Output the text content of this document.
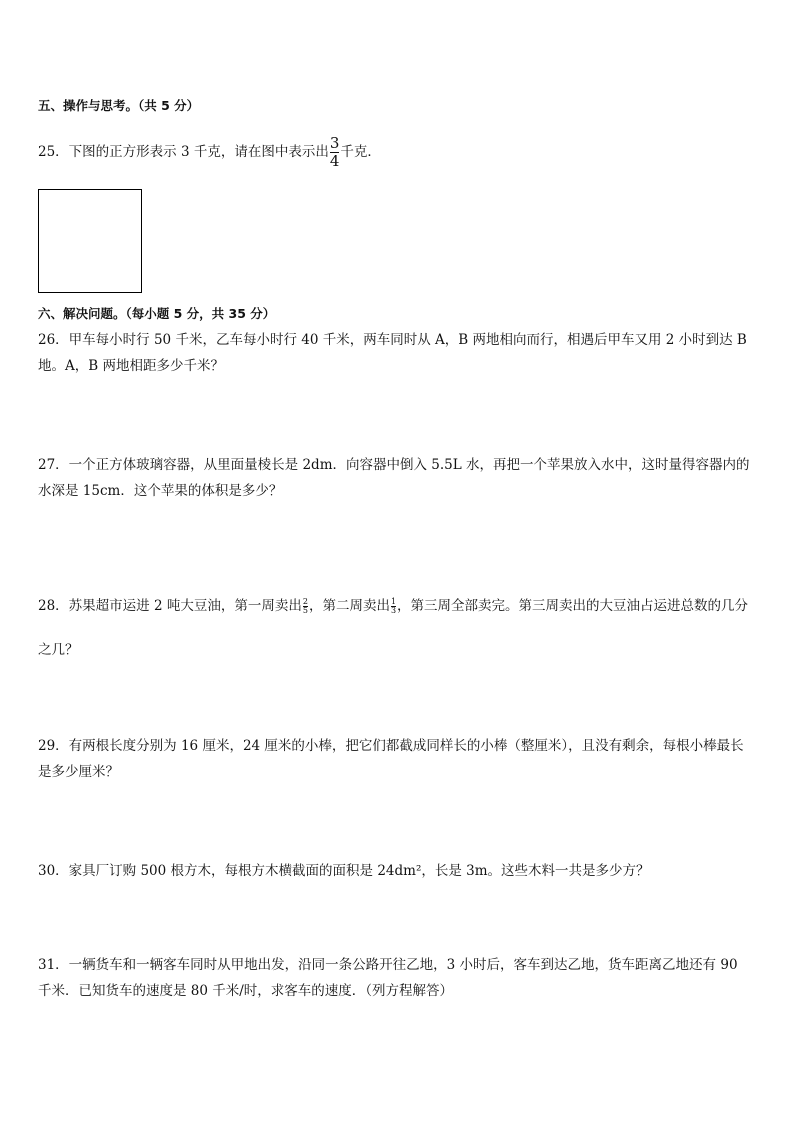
五、操作与思考。（共 5 分）
25．下图的正方形表示 3 千克，请在图中表示出 $\frac{3}{4}$ 千克．
六、解决问题。（每小题 5 分，共 35 分）
26．甲车每小时行 50 千米，乙车每小时行 40 千米，两车同时从 A，B 两地相向而行，相遇后甲车又用 2 小时到达 B
地。A，B 两地相距多少千米？
27．一个正方体玻璃容器，从里面量棱长是 2dm．向容器中倒入 5.5L 水，再把一个苹果放入水中，这时量得容器内的
水深是 15cm．这个苹果的体积是多少？
28．苏果超市运进 2 吨大豆油，第一周卖出 $\frac{2}{5}$ ，第二周卖出 $\frac{1}{3}$ ，第三周全部卖完。第三周卖出的大豆油占运进总数的几分
之几？
29．有两根长度分别为 16 厘米，24 厘米的小棒，把它们都截成同样长的小棒（整厘米），且没有剩余，每根小棒最长
是多少厘米？
30．家具厂订购 500 根方木，每根方木横截面的面积是 24dm²，长是 3m。这些木料一共是多少方？
31．一辆货车和一辆客车同时从甲地出发，沿同一条公路开往乙地，3 小时后，客车到达乙地，货车距离乙地还有 90
千米．已知货车的速度是 80 千米/时，求客车的速度．（列方程解答）
